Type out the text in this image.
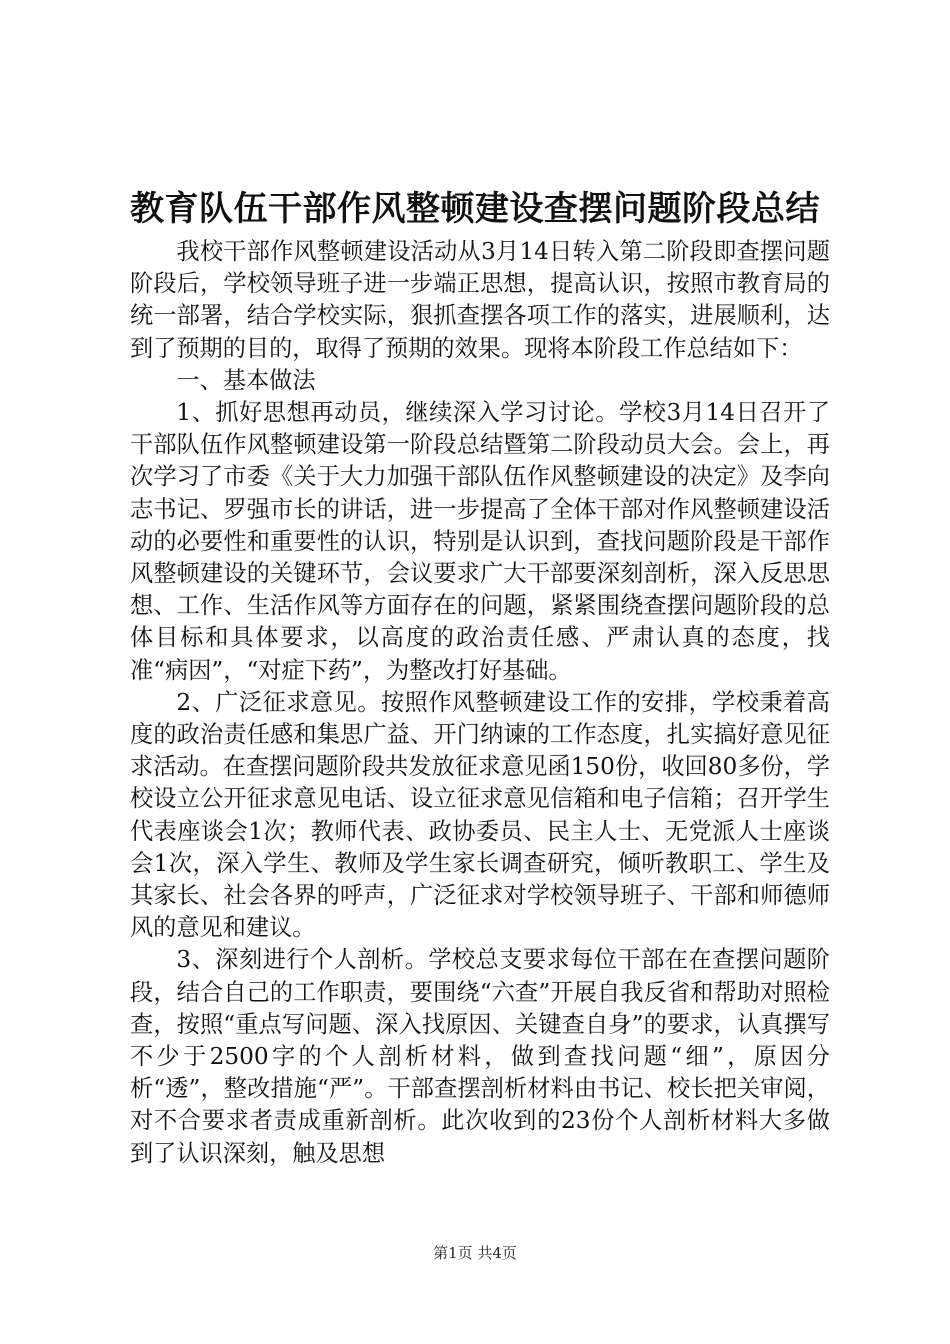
教育队伍干部作风整顿建设查摆问题阶段总结

我校干部作风整顿建设活动从3月14日转入第二阶段即查摆问题阶段后，学校领导班子进一步端正思想，提高认识，按照市教育局的统一部署，结合学校实际，狠抓查摆各项工作的落实，进展顺利，达到了预期的目的，取得了预期的效果。现将本阶段工作总结如下：

一、基本做法

1、抓好思想再动员，继续深入学习讨论。学校3月14日召开了干部队伍作风整顿建设第一阶段总结暨第二阶段动员大会。会上，再次学习了市委《关于大力加强干部队伍作风整顿建设的决定》及李向志书记、罗强市长的讲话，进一步提高了全体干部对作风整顿建设活动的必要性和重要性的认识，特别是认识到，查找问题阶段是干部作风整顿建设的关键环节，会议要求广大干部要深刻剖析，深入反思思想、工作、生活作风等方面存在的问题，紧紧围绕查摆问题阶段的总体目标和具体要求，以高度的政治责任感、严肃认真的态度，找准“病因”，“对症下药”，为整改打好基础。

2、广泛征求意见。按照作风整顿建设工作的安排，学校秉着高度的政治责任感和集思广益、开门纳谏的工作态度，扎实搞好意见征求活动。在查摆问题阶段共发放征求意见函150份，收回80多份，学校设立公开征求意见电话、设立征求意见信箱和电子信箱；召开学生代表座谈会1次；教师代表、政协委员、民主人士、无党派人士座谈会1次，深入学生、教师及学生家长调查研究，倾听教职工、学生及其家长、社会各界的呼声，广泛征求对学校领导班子、干部和师德师风的意见和建议。

3、深刻进行个人剖析。学校总支要求每位干部在在查摆问题阶段，结合自己的工作职责，要围绕“六查”开展自我反省和帮助对照检查，按照“重点写问题、深入找原因、关键查自身”的要求，认真撰写不少于2500字的个人剖析材料，做到查找问题“细”，原因分析“透”，整改措施“严”。干部查摆剖析材料由书记、校长把关审阅，对不合要求者责成重新剖析。此次收到的23份个人剖析材料大多做到了认识深刻，触及思想

第1页 共4页
